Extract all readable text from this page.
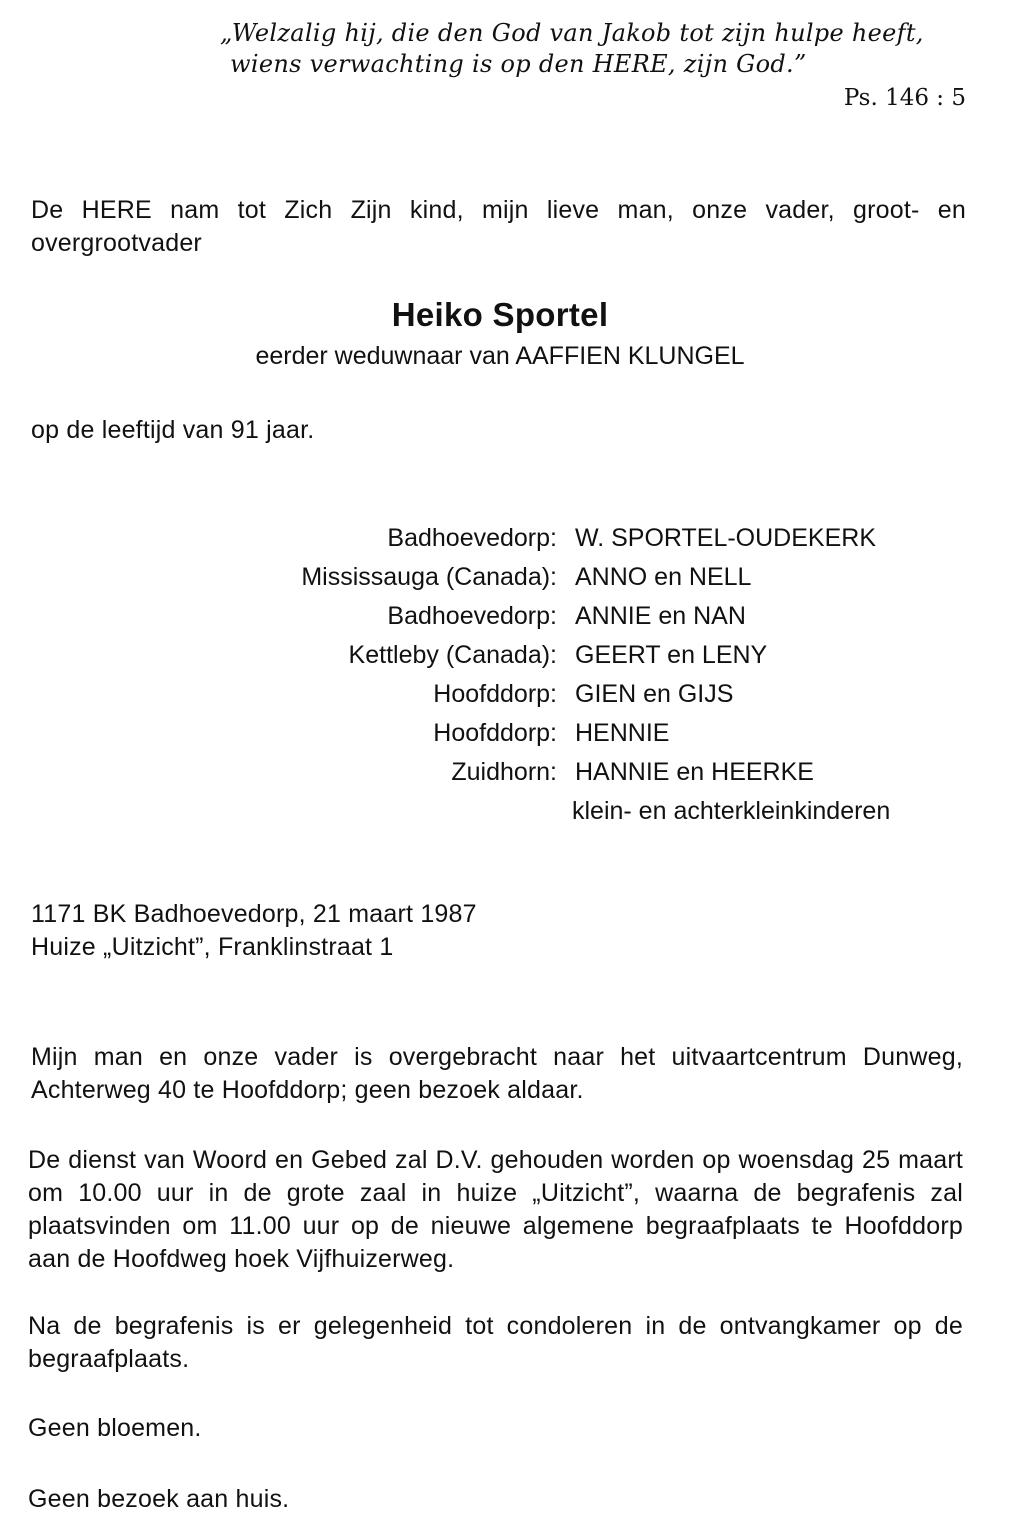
„Welzalig hij, die den God van Jakob tot zijn hulpe heeft,
wiens verwachting is op den HERE, zijn God.”
Ps. 146 : 5
De HERE nam tot Zich Zijn kind, mijn lieve man, onze vader, groot- en overgrootvader
Heiko Sportel
eerder weduwnaar van AAFFIEN KLUNGEL
op de leeftijd van 91 jaar.
Badhoevedorp: W. SPORTEL-OUDEKERK
Mississauga (Canada): ANNO en NELL
Badhoevedorp: ANNIE en NAN
Kettleby (Canada): GEERT en LENY
Hoofddorp: GIEN en GIJS
Hoofddorp: HENNIE
Zuidhorn: HANNIE en HEERKE
klein- en achterkleinkinderen
1171 BK Badhoevedorp, 21 maart 1987
Huize „Uitzicht”, Franklinstraat 1
Mijn man en onze vader is overgebracht naar het uitvaartcentrum Dunweg, Achterweg 40 te Hoofddorp; geen bezoek aldaar.
De dienst van Woord en Gebed zal D.V. gehouden worden op woensdag 25 maart om 10.00 uur in de grote zaal in huize „Uitzicht”, waarna de begrafenis zal plaatsvinden om 11.00 uur op de nieuwe algemene begraafplaats te Hoofddorp aan de Hoofdweg hoek Vijfhuizerweg.
Na de begrafenis is er gelegenheid tot condoleren in de ontvangkamer op de begraafplaats.
Geen bloemen.
Geen bezoek aan huis.
